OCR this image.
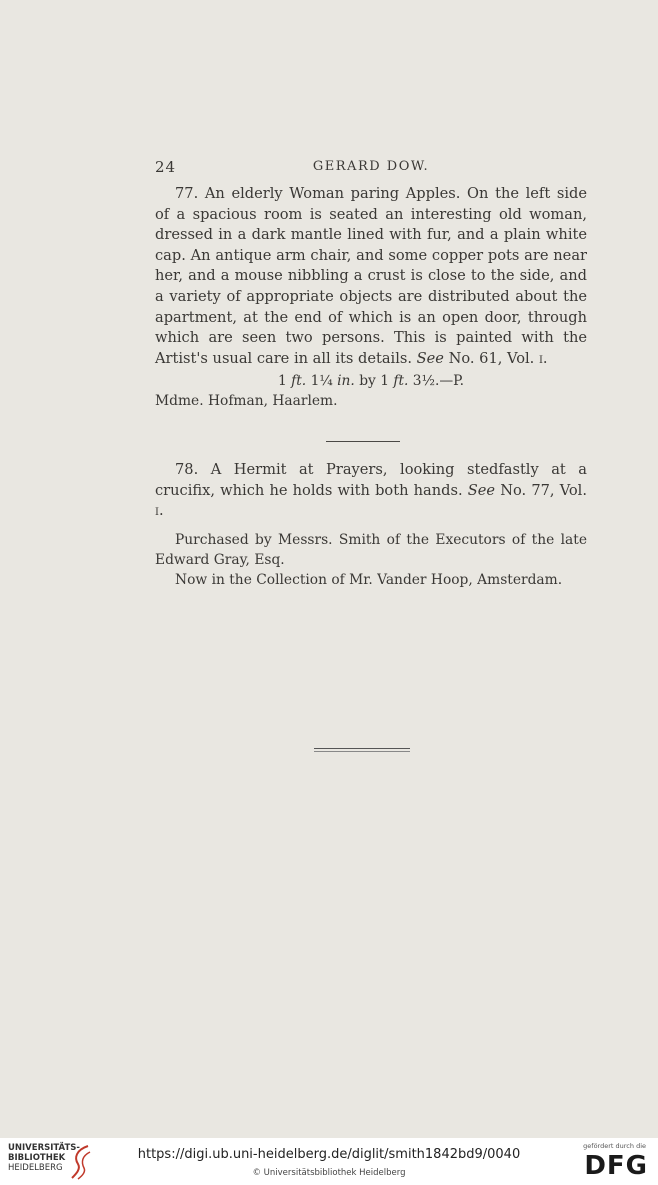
24	GERARD DOW.

77. An elderly Woman paring Apples. On the left side of a spacious room is seated an interesting old woman, dressed in a dark mantle lined with fur, and a plain white cap. An antique arm chair, and some copper pots are near her, and a mouse nibbling a crust is close to the side, and a variety of appropriate objects are distributed about the apartment, at the end of which is an open door, through which are seen two persons. This is painted with the Artist's usual care in all its details. See No. 61, Vol. i.

1 ft. 1¼ in. by 1 ft. 3½.—P.

Mdme. Hofman, Haarlem.

78. A Hermit at Prayers, looking stedfastly at a crucifix, which he holds with both hands. See No. 77, Vol. i.

Purchased by Messrs. Smith of the Executors of the late Edward Gray, Esq.

Now in the Collection of Mr. Vander Hoop, Amsterdam.

UNIVERSITÄTS-
BIBLIOTHEK
HEIDELBERG
https://digi.ub.uni-heidelberg.de/diglit/smith1842bd9/0040
© Universitätsbibliothek Heidelberg
gefördert durch die
DFG
